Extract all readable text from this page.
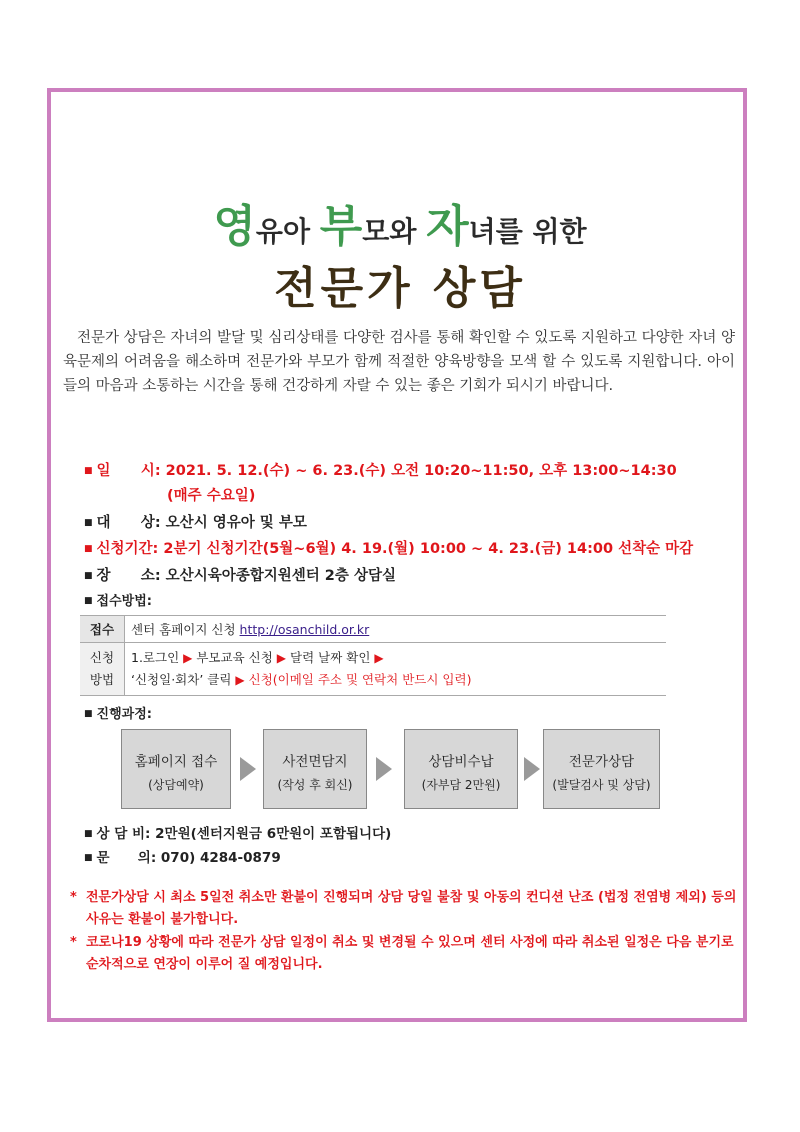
영유아 부모와 자녀를 위한
전문가 상담
전문가 상담은 자녀의 발달 및 심리상태를 다양한 검사를 통해 확인할 수 있도록 지원하고 다양한 자녀 양육문제의 어려움을 해소하며 전문가와 부모가 함께 적절한 양육방향을 모색 할 수 있도록 지원합니다. 아이들의 마음과 소통하는 시간을 통해 건강하게 자랄 수 있는 좋은 기회가 되시기 바랍니다.
■ 일      시: 2021. 5. 12.(수) ~ 6. 23.(수) 오전 10:20~11:50, 오후 13:00~14:30
(매주 수요일)
■ 대      상: 오산시 영유아 및 부모
■ 신청기간: 2분기 신청기간(5월~6월) 4. 19.(월) 10:00 ~ 4. 23.(금) 14:00 선착순 마감
■ 장      소: 오산시육아종합지원센터 2층 상담실
■ 접수방법:
접수	센터 홈페이지 신청 http://osanchild.or.kr
신청 방법	1.로그인 ▶ 부모교육 신청 ▶ 달력 날짜 확인 ▶
‘신청일·회차’ 클릭 ▶ 신청(이메일 주소 및 연락처 반드시 입력)
■ 진행과정:
홈페이지 접수
(상담예약)
사전면담지
(작성 후 회신)
상담비수납
(자부담 2만원)
전문가상담
(발달검사 및 상담)
■ 상 담 비: 2만원(센터지원금 6만원이 포함됩니다)
■ 문      의: 070) 4284-0879
* 전문가상담 시 최소 5일전 취소만 환불이 진행되며 상담 당일 불참 및 아동의 컨디션 난조 (법정 전염병 제외) 등의 사유는 환불이 불가합니다.
* 코로나19 상황에 따라 전문가 상담 일정이 취소 및 변경될 수 있으며 센터 사정에 따라 취소된 일정은 다음 분기로 순차적으로 연장이 이루어 질 예정입니다.
